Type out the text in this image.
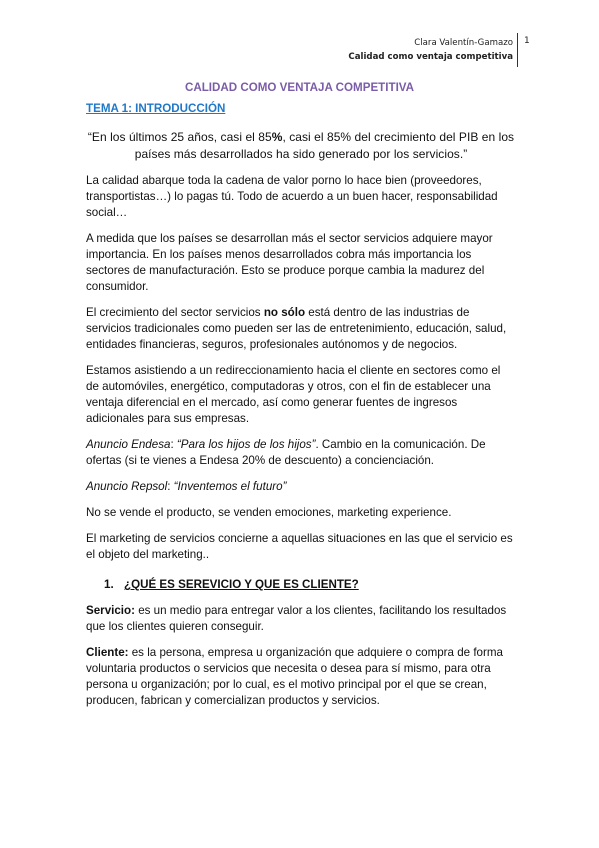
Clara Valentín-Gamazo
Calidad como ventaja competitiva
1
CALIDAD COMO VENTAJA COMPETITIVA

TEMA 1: INTRODUCCIÓN

“En los últimos 25 años, casi el 85%, casi el 85% del crecimiento del PIB en los países más desarrollados ha sido generado por los servicios.”

La calidad abarque toda la cadena de valor porno lo hace bien (proveedores, transportistas…) lo pagas tú. Todo de acuerdo a un buen hacer, responsabilidad social…

A medida que los países se desarrollan más el sector servicios adquiere mayor importancia. En los países menos desarrollados cobra más importancia los sectores de manufacturación. Esto se produce porque cambia la madurez del consumidor.

El crecimiento del sector servicios no sólo está dentro de las industrias de servicios tradicionales como pueden ser las de entretenimiento, educación, salud, entidades financieras, seguros, profesionales autónomos y de negocios.

Estamos asistiendo a un redireccionamiento hacia el cliente en sectores como el de automóviles, energético, computadoras y otros, con el fin de establecer una ventaja diferencial en el mercado, así como generar fuentes de ingresos adicionales para sus empresas.

Anuncio Endesa: “Para los hijos de los hijos”. Cambio en la comunicación. De ofertas (si te vienes a Endesa 20% de descuento) a concienciación.

Anuncio Repsol: “Inventemos el futuro”

No se vende el producto, se venden emociones, marketing experience.

El marketing de servicios concierne a aquellas situaciones en las que el servicio es el objeto del marketing..

1. ¿QUÉ ES SEREVICIO Y QUE ES CLIENTE?

Servicio: es un medio para entregar valor a los clientes, facilitando los resultados que los clientes quieren conseguir.

Cliente: es la persona, empresa u organización que adquiere o compra de forma voluntaria productos o servicios que necesita o desea para sí mismo, para otra persona u organización; por lo cual, es el motivo principal por el que se crean, producen, fabrican y comercializan productos y servicios.
